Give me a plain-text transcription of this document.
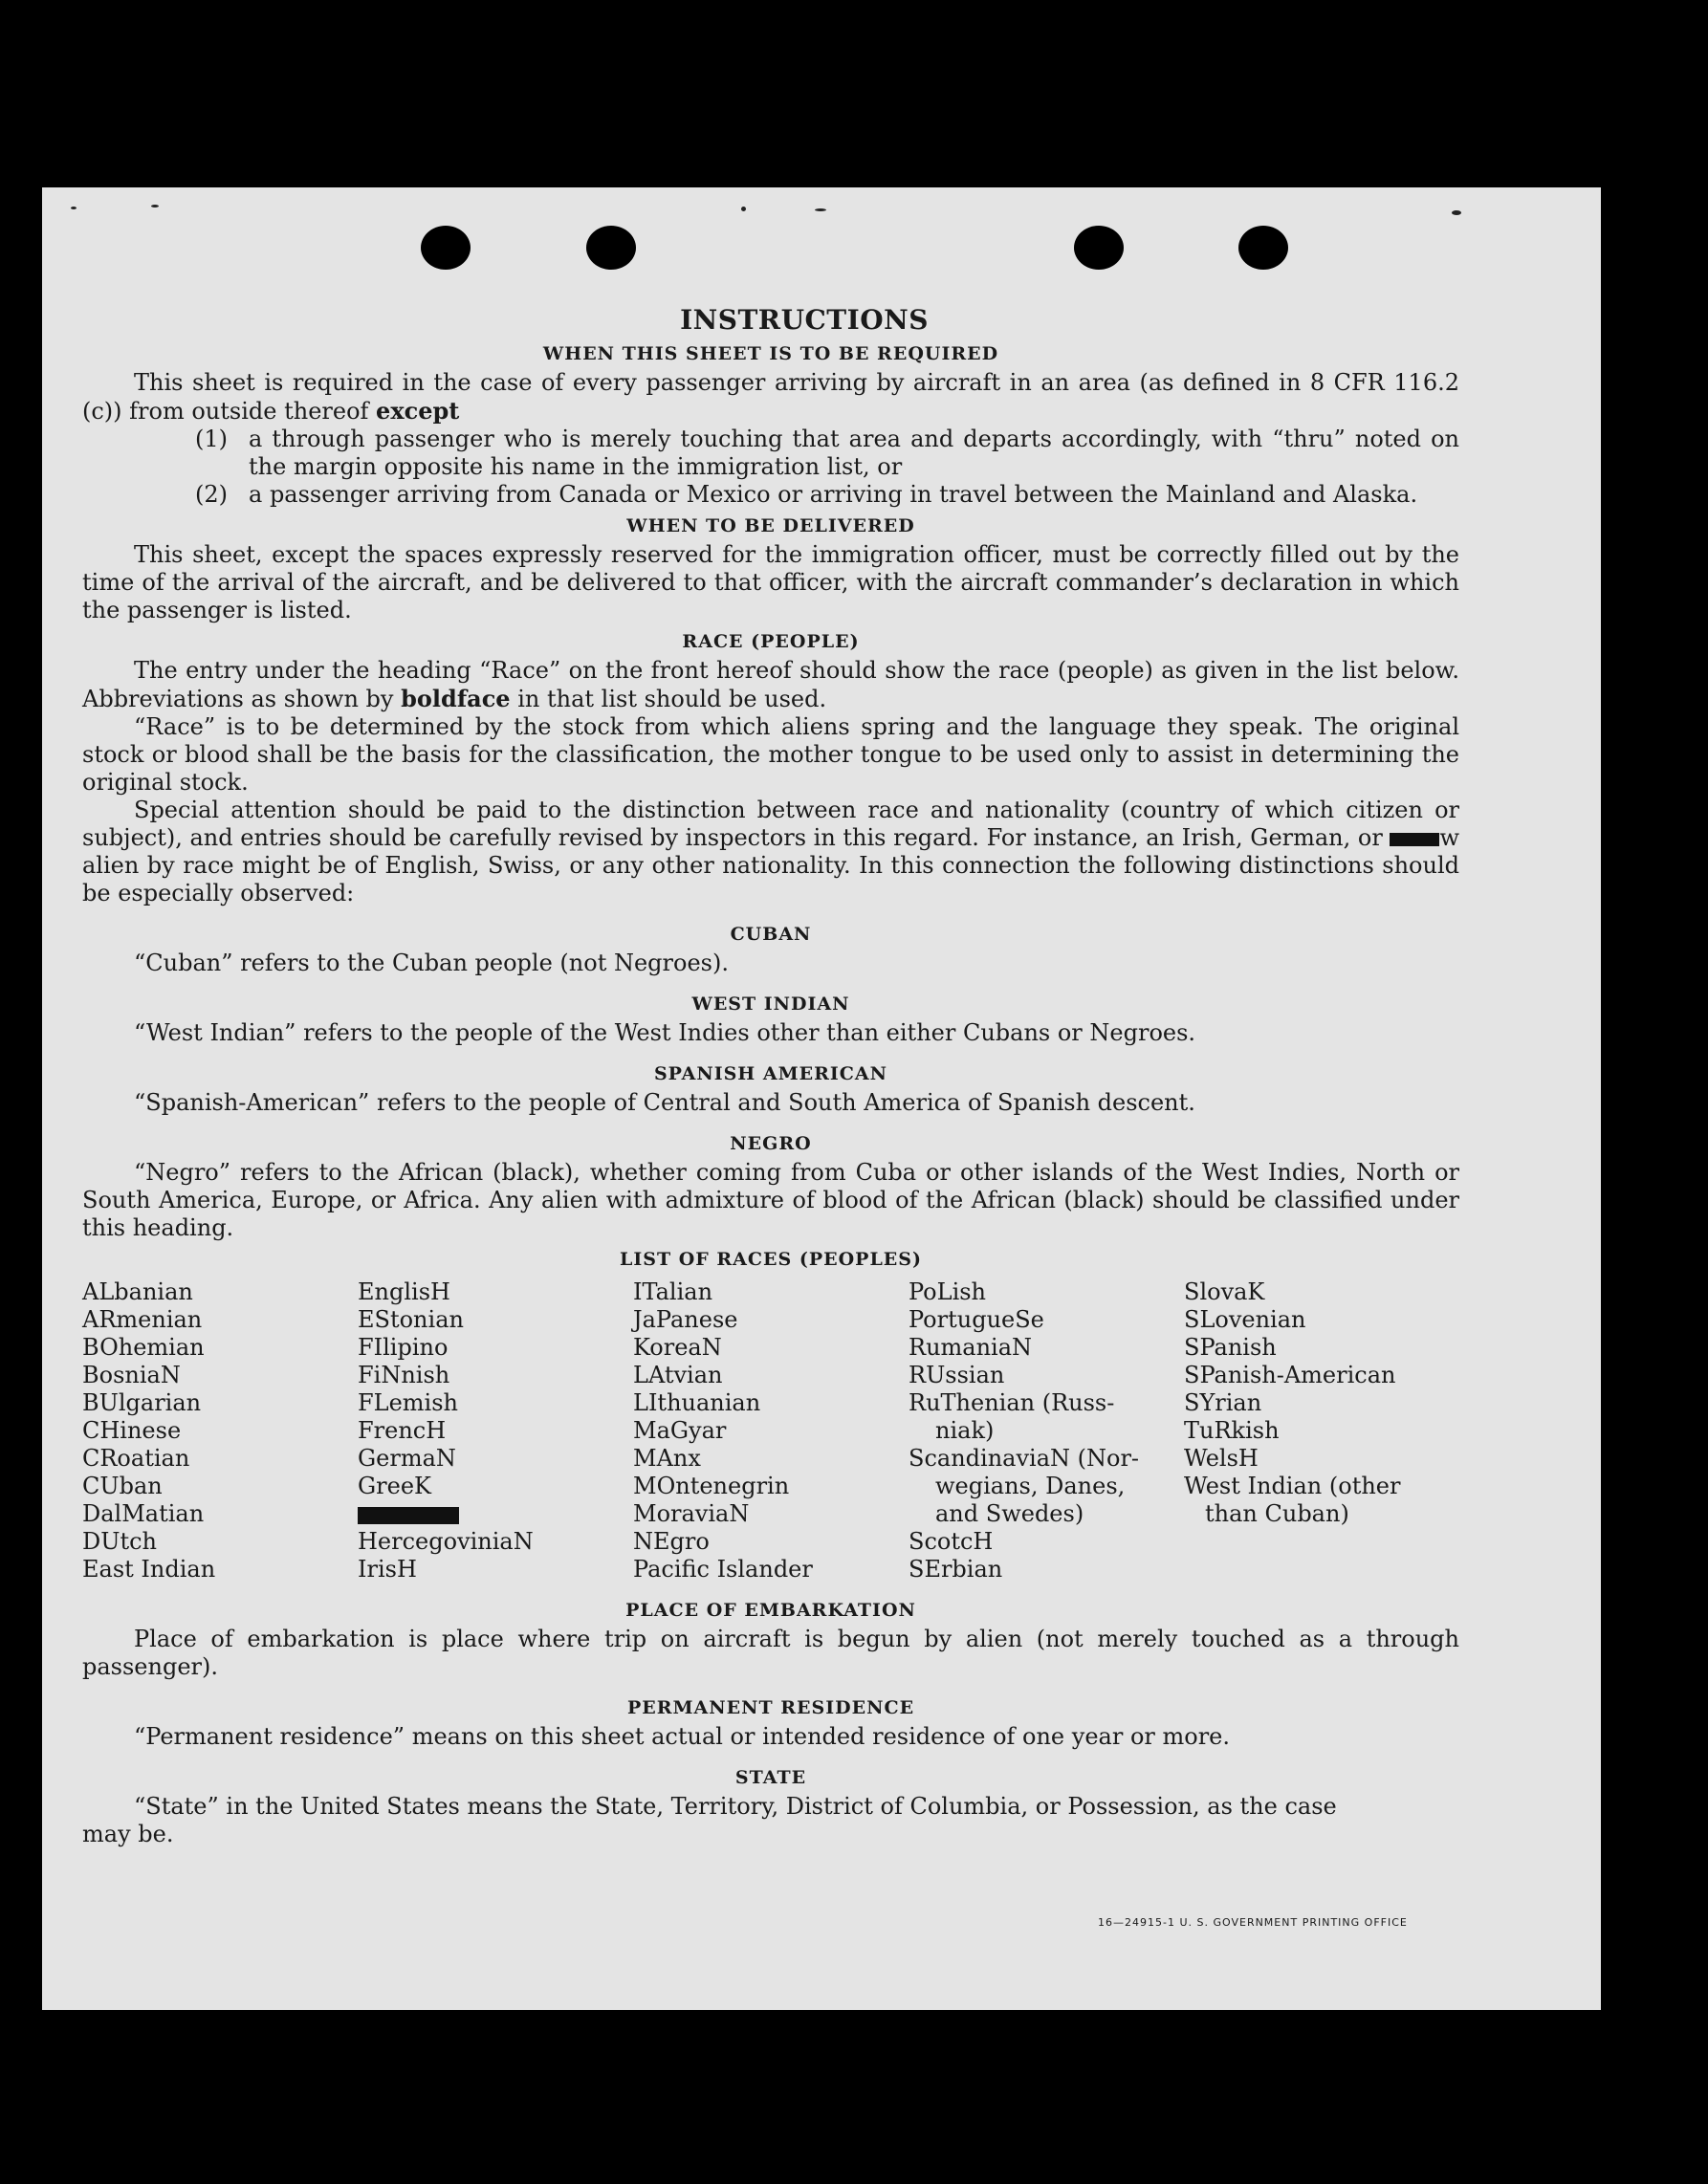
INSTRUCTIONS
WHEN THIS SHEET IS TO BE REQUIRED
This sheet is required in the case of every passenger arriving by aircraft in an area (as defined in 8 CFR 116.2 (c)) from outside thereof except
(1) a through passenger who is merely touching that area and departs accordingly, with “thru” noted on the margin opposite his name in the immigration list, or
(2) a passenger arriving from Canada or Mexico or arriving in travel between the Mainland and Alaska.
WHEN TO BE DELIVERED
This sheet, except the spaces expressly reserved for the immigration officer, must be correctly filled out by the time of the arrival of the aircraft, and be delivered to that officer, with the aircraft commander’s declaration in which the passenger is listed.
RACE (PEOPLE)
The entry under the heading “Race” on the front hereof should show the race (people) as given in the list below. Abbreviations as shown by boldface in that list should be used.
“Race” is to be determined by the stock from which aliens spring and the language they speak. The original stock or blood shall be the basis for the classification, the mother tongue to be used only to assist in determining the original stock.
Special attention should be paid to the distinction between race and nationality (country of which citizen or subject), and entries should be carefully revised by inspectors in this regard. For instance, an Irish, German, or w alien by race might be of English, Swiss, or any other nationality. In this connection the following distinctions should be especially observed:
CUBAN
“Cuban” refers to the Cuban people (not Negroes).
WEST INDIAN
“West Indian” refers to the people of the West Indies other than either Cubans or Negroes.
SPANISH AMERICAN
“Spanish-American” refers to the people of Central and South America of Spanish descent.
NEGRO
“Negro” refers to the African (black), whether coming from Cuba or other islands of the West Indies, North or South America, Europe, or Africa. Any alien with admixture of blood of the African (black) should be classified under this heading.
LIST OF RACES (PEOPLES)
ALbanian
ARmenian
BOhemian
BosniaN
BUlgarian
CHinese
CRoatian
CUban
DalMatian
DUtch
East Indian
EnglisH
EStonian
FIlipino
FiNnish
FLemish
FrencH
GermaN
GreeK
HercegoviniaN
IrisH
ITalian
JaPanese
KoreaN
LAtvian
LIthuanian
MaGyar
MAnx
MOntenegrin
MoraviaN
NEgro
Pacific Islander
PoLish
PortugueSe
RumaniaN
RUssian
RuThenian (Russ-
niak)
ScandinaviaN (Nor-
wegians, Danes,
and Swedes)
ScotcH
SErbian
SlovaK
SLovenian
SPanish
SPanish-American
SYrian
TuRkish
WelsH
West Indian (other
than Cuban)
PLACE OF EMBARKATION
Place of embarkation is place where trip on aircraft is begun by alien (not merely touched as a through passenger).
PERMANENT RESIDENCE
“Permanent residence” means on this sheet actual or intended residence of one year or more.
STATE
“State” in the United States means the State, Territory, District of Columbia, or Possession, as the case
may be.
16—24915-1 U. S. GOVERNMENT PRINTING OFFICE
